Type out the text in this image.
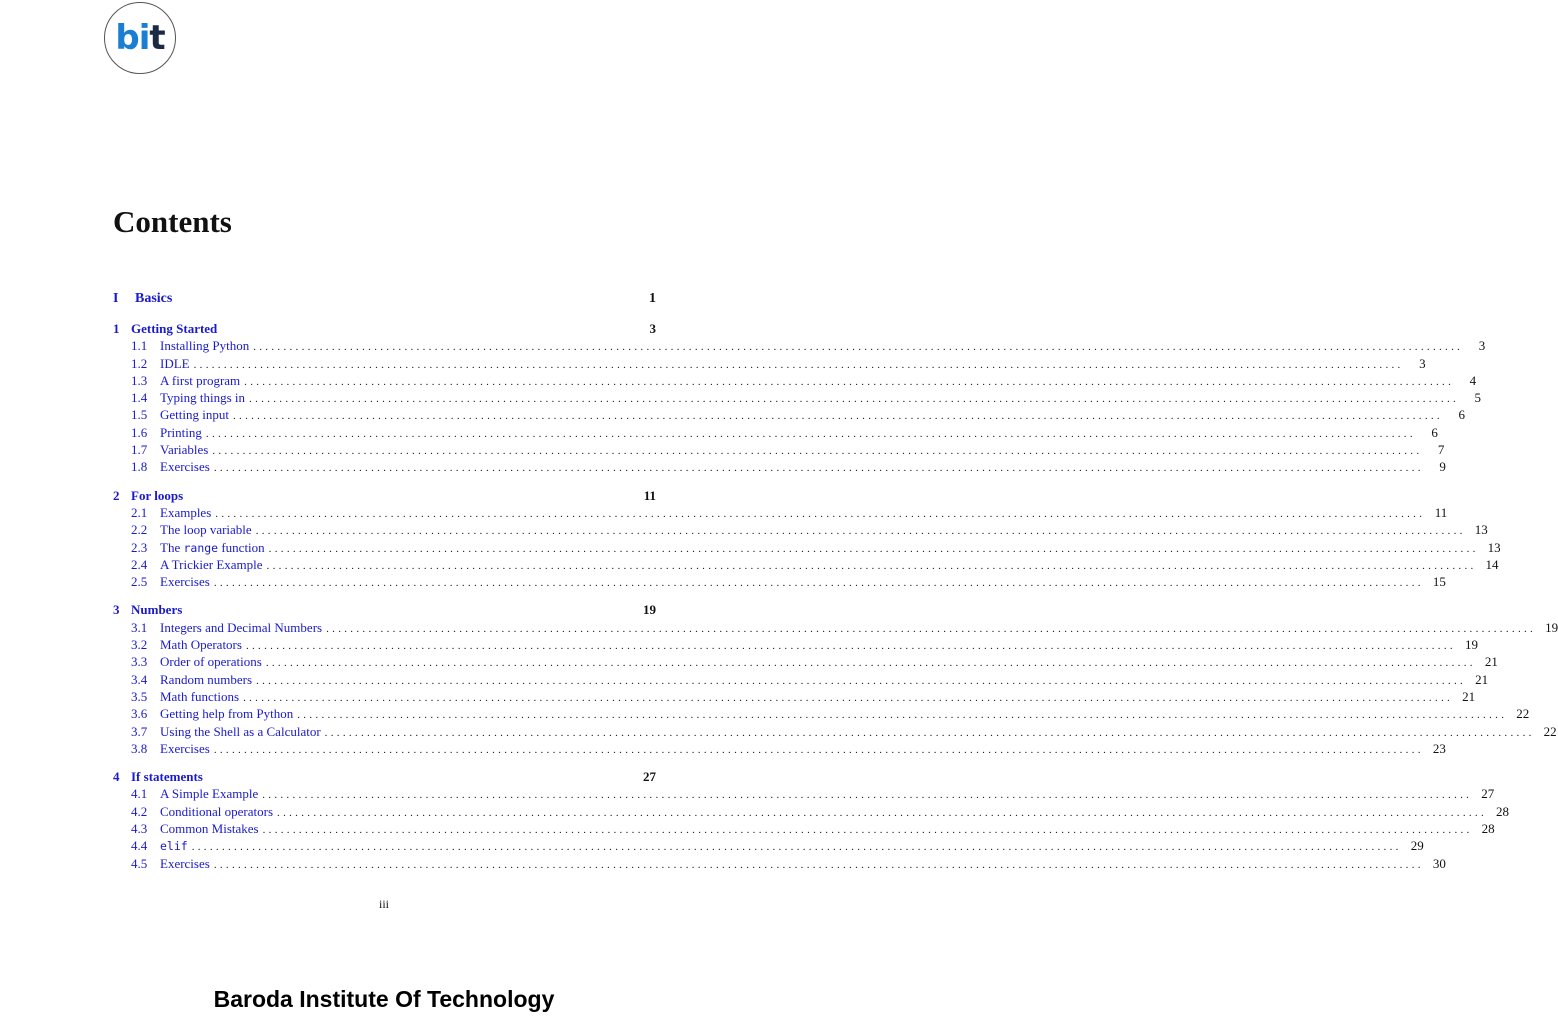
b i t
Contents
I Basics	1
1 Getting Started	3
1.1 Installing Python ........................................................................................................................................................................................................	3
1.2 IDLE ........................................................................................................................................................................................................	3
1.3 A first program ........................................................................................................................................................................................................	4
1.4 Typing things in ........................................................................................................................................................................................................	5
1.5 Getting input ........................................................................................................................................................................................................	6
1.6 Printing ........................................................................................................................................................................................................	6
1.7 Variables ........................................................................................................................................................................................................	7
1.8 Exercises ........................................................................................................................................................................................................	9
2 For loops	11
2.1 Examples ........................................................................................................................................................................................................ 11
2.2 The loop variable ........................................................................................................................................................................................................ 13
2.3 The range function ........................................................................................................................................................................................................ 13
2.4 A Trickier Example ........................................................................................................................................................................................................ 14
2.5 Exercises ........................................................................................................................................................................................................ 15
3 Numbers	19
3.1 Integers and Decimal Numbers ........................................................................................................................................................................................................ 19
3.2 Math Operators ........................................................................................................................................................................................................ 19
3.3 Order of operations ........................................................................................................................................................................................................ 21
3.4 Random numbers ........................................................................................................................................................................................................ 21
3.5 Math functions ........................................................................................................................................................................................................ 21
3.6 Getting help from Python ........................................................................................................................................................................................................ 22
3.7 Using the Shell as a Calculator ........................................................................................................................................................................................................ 22
3.8 Exercises ........................................................................................................................................................................................................ 23
4 If statements	27
4.1 A Simple Example ........................................................................................................................................................................................................ 27
4.2 Conditional operators ........................................................................................................................................................................................................ 28
4.3 Common Mistakes ........................................................................................................................................................................................................ 28
4.4	elif ........................................................................................................................................................................................................ 29
4.5 Exercises ........................................................................................................................................................................................................ 30
iii
Baroda Institute Of Technology
